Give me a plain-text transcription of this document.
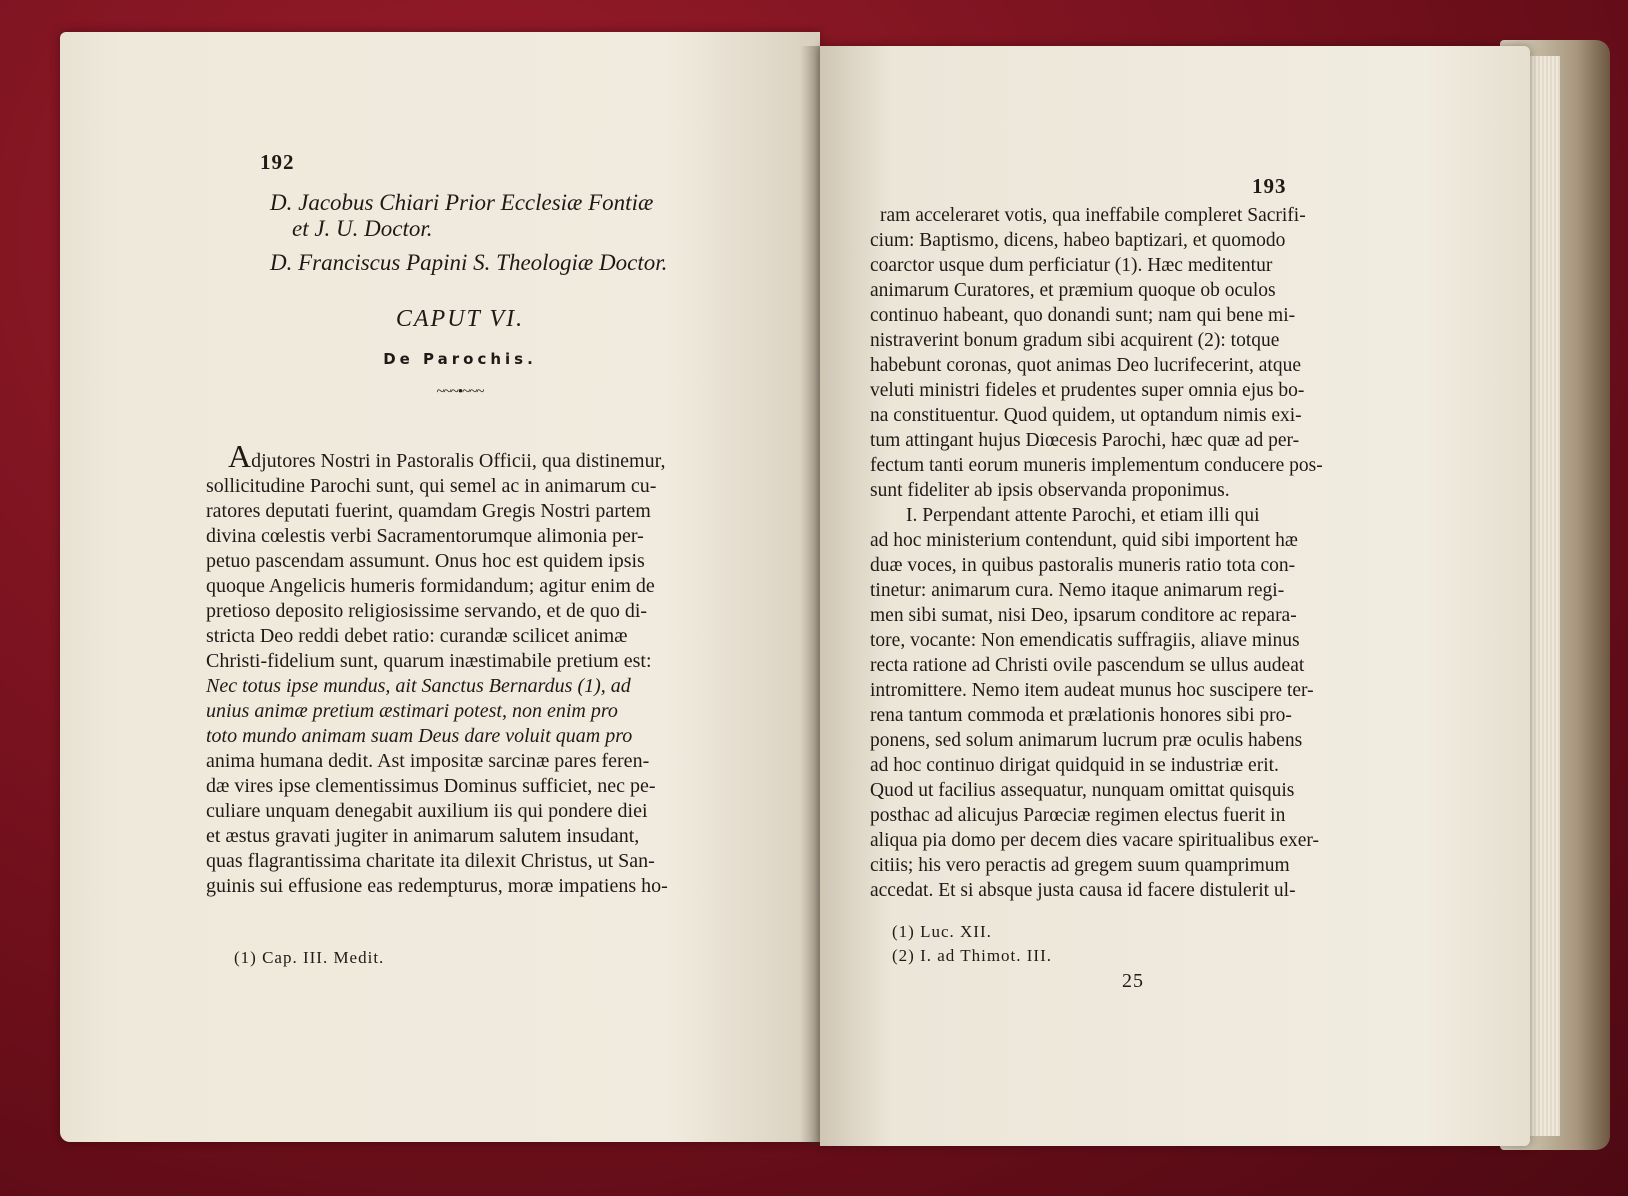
192
D. Jacobus Chiari Prior Ecclesiæ Fontiæ
et J. U. Doctor.
D. Franciscus Papini S. Theologiæ Doctor.
CAPUT VI.
De Parochis.
~~~•~~~
Adjutores Nostri in Pastoralis Officii, qua distinemur,
sollicitudine Parochi sunt, qui semel ac in animarum cu-
ratores deputati fuerint, quamdam Gregis Nostri partem
divina cœlestis verbi Sacramentorumque alimonia per-
petuo pascendam assumunt. Onus hoc est quidem ipsis
quoque Angelicis humeris formidandum; agitur enim de
pretioso deposito religiosissime servando, et de quo di-
stricta Deo reddi debet ratio: curandæ scilicet animæ
Christi-fidelium sunt, quarum inæstimabile pretium est:
Nec totus ipse mundus, ait Sanctus Bernardus (1), ad
unius animæ pretium æstimari potest, non enim pro
toto mundo animam suam Deus dare voluit quam pro
anima humana dedit. Ast impositæ sarcinæ pares feren-
dæ vires ipse clementissimus Dominus sufficiet, nec pe-
culiare unquam denegabit auxilium iis qui pondere diei
et æstus gravati jugiter in animarum salutem insudant,
quas flagrantissima charitate ita dilexit Christus, ut San-
guinis sui effusione eas redempturus, moræ impatiens ho-
(1) Cap. III. Medit.
193
ram acceleraret votis, qua ineffabile compleret Sacrifi-
cium: Baptismo, dicens, habeo baptizari, et quomodo
coarctor usque dum perficiatur (1). Hæc meditentur
animarum Curatores, et præmium quoque ob oculos
continuo habeant, quo donandi sunt; nam qui bene mi-
nistraverint bonum gradum sibi acquirent (2): totque
habebunt coronas, quot animas Deo lucrifecerint, atque
veluti ministri fideles et prudentes super omnia ejus bo-
na constituentur. Quod quidem, ut optandum nimis exi-
tum attingant hujus Diœcesis Parochi, hæc quæ ad per-
fectum tanti eorum muneris implementum conducere pos-
sunt fideliter ab ipsis observanda proponimus.
I. Perpendant attente Parochi, et etiam illi qui
ad hoc ministerium contendunt, quid sibi importent hæ
duæ voces, in quibus pastoralis muneris ratio tota con-
tinetur: animarum cura. Nemo itaque animarum regi-
men sibi sumat, nisi Deo, ipsarum conditore ac repara-
tore, vocante: Non emendicatis suffragiis, aliave minus
recta ratione ad Christi ovile pascendum se ullus audeat
intromittere. Nemo item audeat munus hoc suscipere ter-
rena tantum commoda et prælationis honores sibi pro-
ponens, sed solum animarum lucrum præ oculis habens
ad hoc continuo dirigat quidquid in se industriæ erit.
Quod ut facilius assequatur, nunquam omittat quisquis
posthac ad alicujus Parœciæ regimen electus fuerit in
aliqua pia domo per decem dies vacare spiritualibus exer-
citiis; his vero peractis ad gregem suum quamprimum
accedat. Et si absque justa causa id facere distulerit ul-
(1) Luc. XII.
(2) I. ad Thimot. III.
25
